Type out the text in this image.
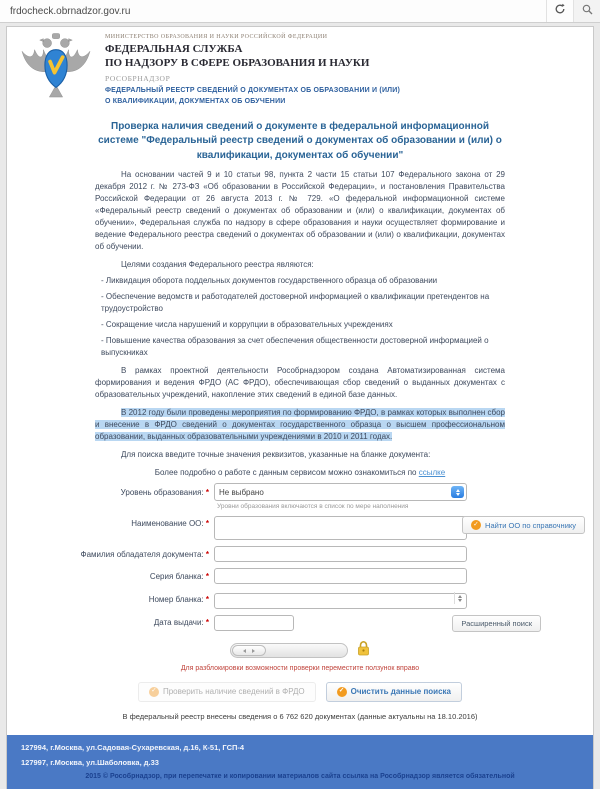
frdocheck.obrnadzor.gov.ru

МИНИСТЕРСТВО ОБРАЗОВАНИЯ И НАУКИ РОССИЙСКОЙ ФЕДЕРАЦИИ

ФЕДЕРАЛЬНАЯ СЛУЖБА

ПО НАДЗОРУ В СФЕРЕ ОБРАЗОВАНИЯ И НАУКИ

РОСОБРНАДЗОР

ФЕДЕРАЛЬНЫЙ РЕЕСТР СВЕДЕНИЙ О ДОКУМЕНТАХ ОБ ОБРАЗОВАНИИ И (ИЛИ)

О КВАЛИФИКАЦИИ, ДОКУМЕНТАХ ОБ ОБУЧЕНИИ

Проверка наличия сведений о документе в федеральной информационной системе "Федеральный реестр сведений о документах об образовании и (или) о квалификации, документах об обучении"

На основании частей 9 и 10 статьи 98, пункта 2 части 15 статьи 107 Федерального закона от 29 декабря 2012 г. № 273-ФЗ «Об образовании в Российской Федерации», и постановления Правительства Российской Федерации от 26 августа 2013 г. № 729. «О федеральной информационной системе «Федеральный реестр сведений о документах об образовании и (или) о квалификации, документах об обучении», Федеральная служба по надзору в сфере образования и науки осуществляет формирование и ведение Федерального реестра сведений о документах об образовании и (или) о квалификации, документах об обучении.

Целями создания Федерального реестра являются:

- Ликвидация оборота поддельных документов государственного образца об образовании

- Обеспечение ведомств и работодателей достоверной информацией о квалификации претендентов на трудоустройство

- Сокращение числа нарушений и коррупции в образовательных учреждениях

- Повышение качества образования за счет обеспечения общественности достоверной информацией о выпускниках

В рамках проектной деятельности Рособрнадзором создана Автоматизированная система формирования и ведения ФРДО (АС ФРДО), обеспечивающая сбор сведений о выданных документах с образовательных учреждений, накопление этих сведений в единой базе данных.

В 2012 году были проведены мероприятия по формированию ФРДО, в рамках которых выполнен сбор и внесение в ФРДО сведений о документах государственного образца о высшем профессиональном образовании, выданных образовательными учреждениями в 2010 и 2011 годах.

Для поиска введите точные значения реквизитов, указанные на бланке документа:

Более подробно о работе с данным сервисом можно ознакомиться по ссылке

Уровень образования: *	Не выбрано
Уровни образования включаются в список по мере наполнения
Наименование ОО: *	✓ Найти ОО по справочнику
Фамилия обладателя документа: *
Серия бланка: *
Номер бланка: *
Дата выдачи: *	Расширенный поиск

Для разблокировки возможности проверки переместите ползунок вправо

✓ Проверить наличие сведений в ФРДО	✓ Очистить данные поиска

В федеральный реестр внесены сведения о 6 762 620 документах (данные актуальны на 18.10.2016)

127994, г.Москва, ул.Садовая-Сухаревская, д.16, К-51, ГСП-4

127997, г.Москва, ул.Шаболовка, д.33

2015 © Рособрнадзор, при перепечатке и копировании материалов сайта ссылка на Рособрнадзор является обязательной
